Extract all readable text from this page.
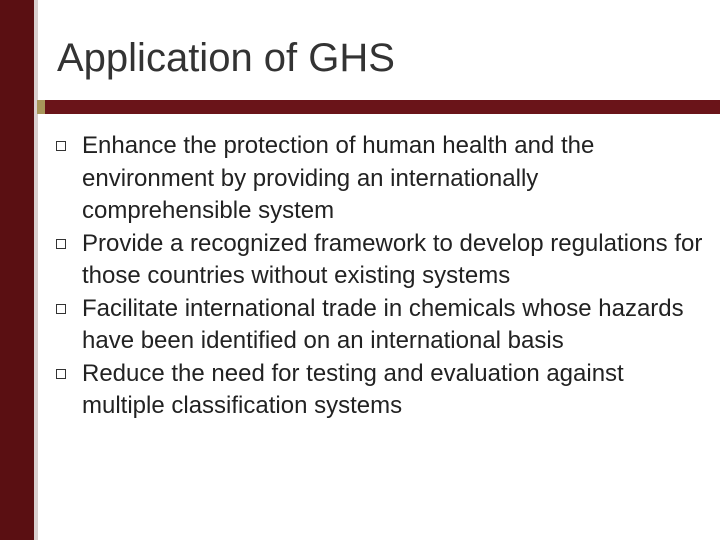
Application of GHS
Enhance the protection of human health and the environment by providing an internationally comprehensible system
Provide a recognized framework to develop regulations for those countries without existing systems
Facilitate international trade in chemicals whose hazards have been identified on an international basis
Reduce the need for testing and evaluation against multiple classification systems
